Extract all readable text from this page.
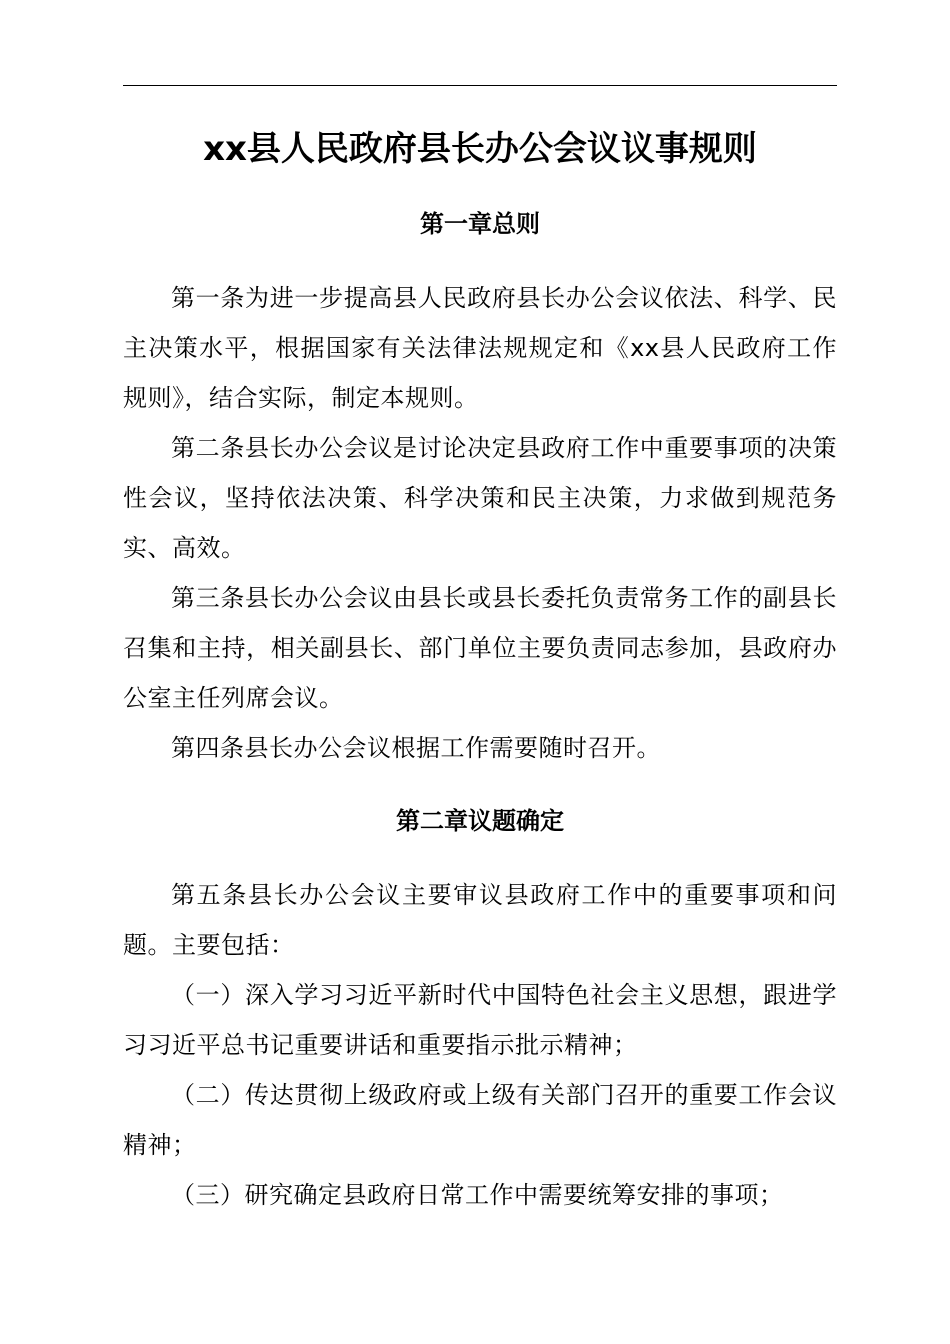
xx县人民政府县长办公会议议事规则
第一章总则

第一条为进一步提高县人民政府县长办公会议依法、科学、民主决策水平，根据国家有关法律法规规定和《xx县人民政府工作规则》，结合实际，制定本规则。

第二条县长办公会议是讨论决定县政府工作中重要事项的决策性会议，坚持依法决策、科学决策和民主决策，力求做到规范务实、高效。

第三条县长办公会议由县长或县长委托负责常务工作的副县长召集和主持，相关副县长、部门单位主要负责同志参加，县政府办公室主任列席会议。

第四条县长办公会议根据工作需要随时召开。

第二章议题确定

第五条县长办公会议主要审议县政府工作中的重要事项和问题。主要包括：

（一）深入学习习近平新时代中国特色社会主义思想，跟进学习习近平总书记重要讲话和重要指示批示精神；

（二）传达贯彻上级政府或上级有关部门召开的重要工作会议精神；

（三）研究确定县政府日常工作中需要统筹安排的事项；
